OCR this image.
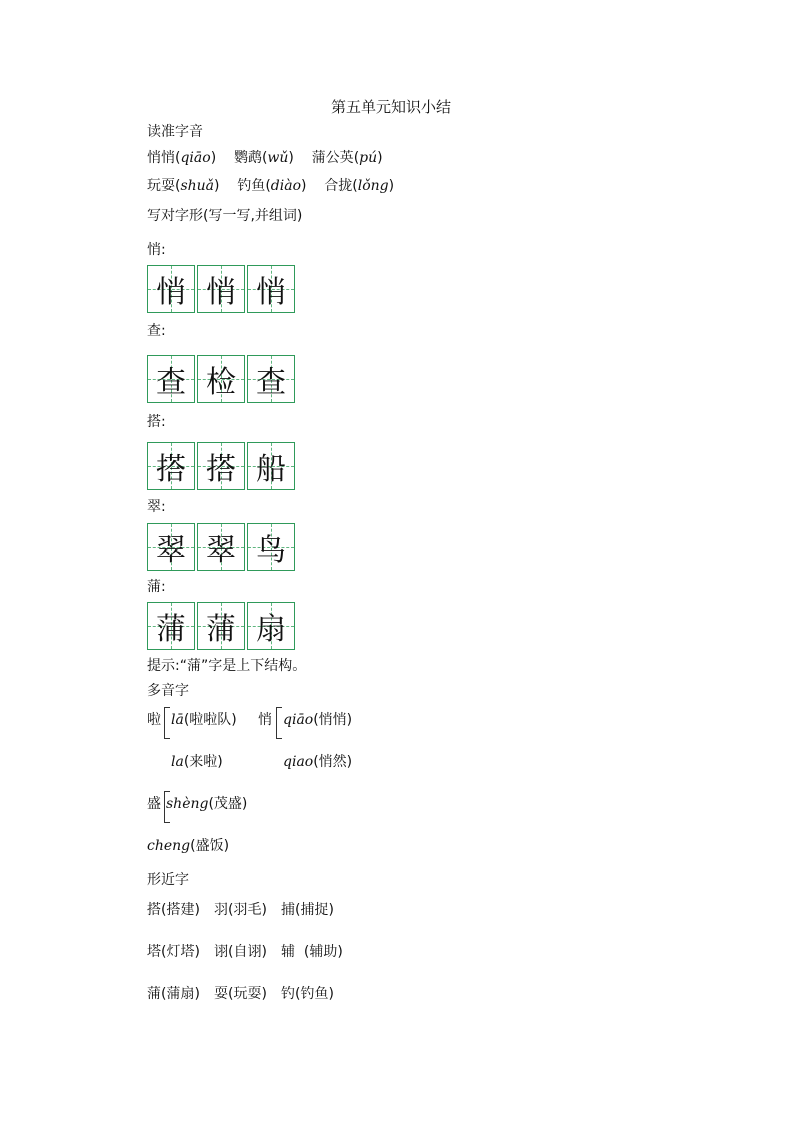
第五单元知识小结
读准字音
悄悄(qiāo)    鹦鹉(wǔ)    蒲公英(pú)
玩耍(shuǎ)    钓鱼(diào)    合拢(lǒng)
写对字形(写一写,并组词)
悄:
悄 悄 悄
查:
查 检 查
搭:
搭 搭 船
翠:
翠 翠 鸟
蒲:
蒲 蒲 扇
提示:“蒲”字是上下结构。
多音字
啦 lā(啦啦队)
la(来啦)
悄 qiāo(悄悄)
qiao(悄然)
盛 shèng(茂盛)
cheng(盛饭)
形近字
搭(搭建) 羽(羽毛) 捕(捕捉)
塔(灯塔) 诩(自诩) 辅  (辅助)
蒲(蒲扇) 耍(玩耍) 钓(钓鱼)
